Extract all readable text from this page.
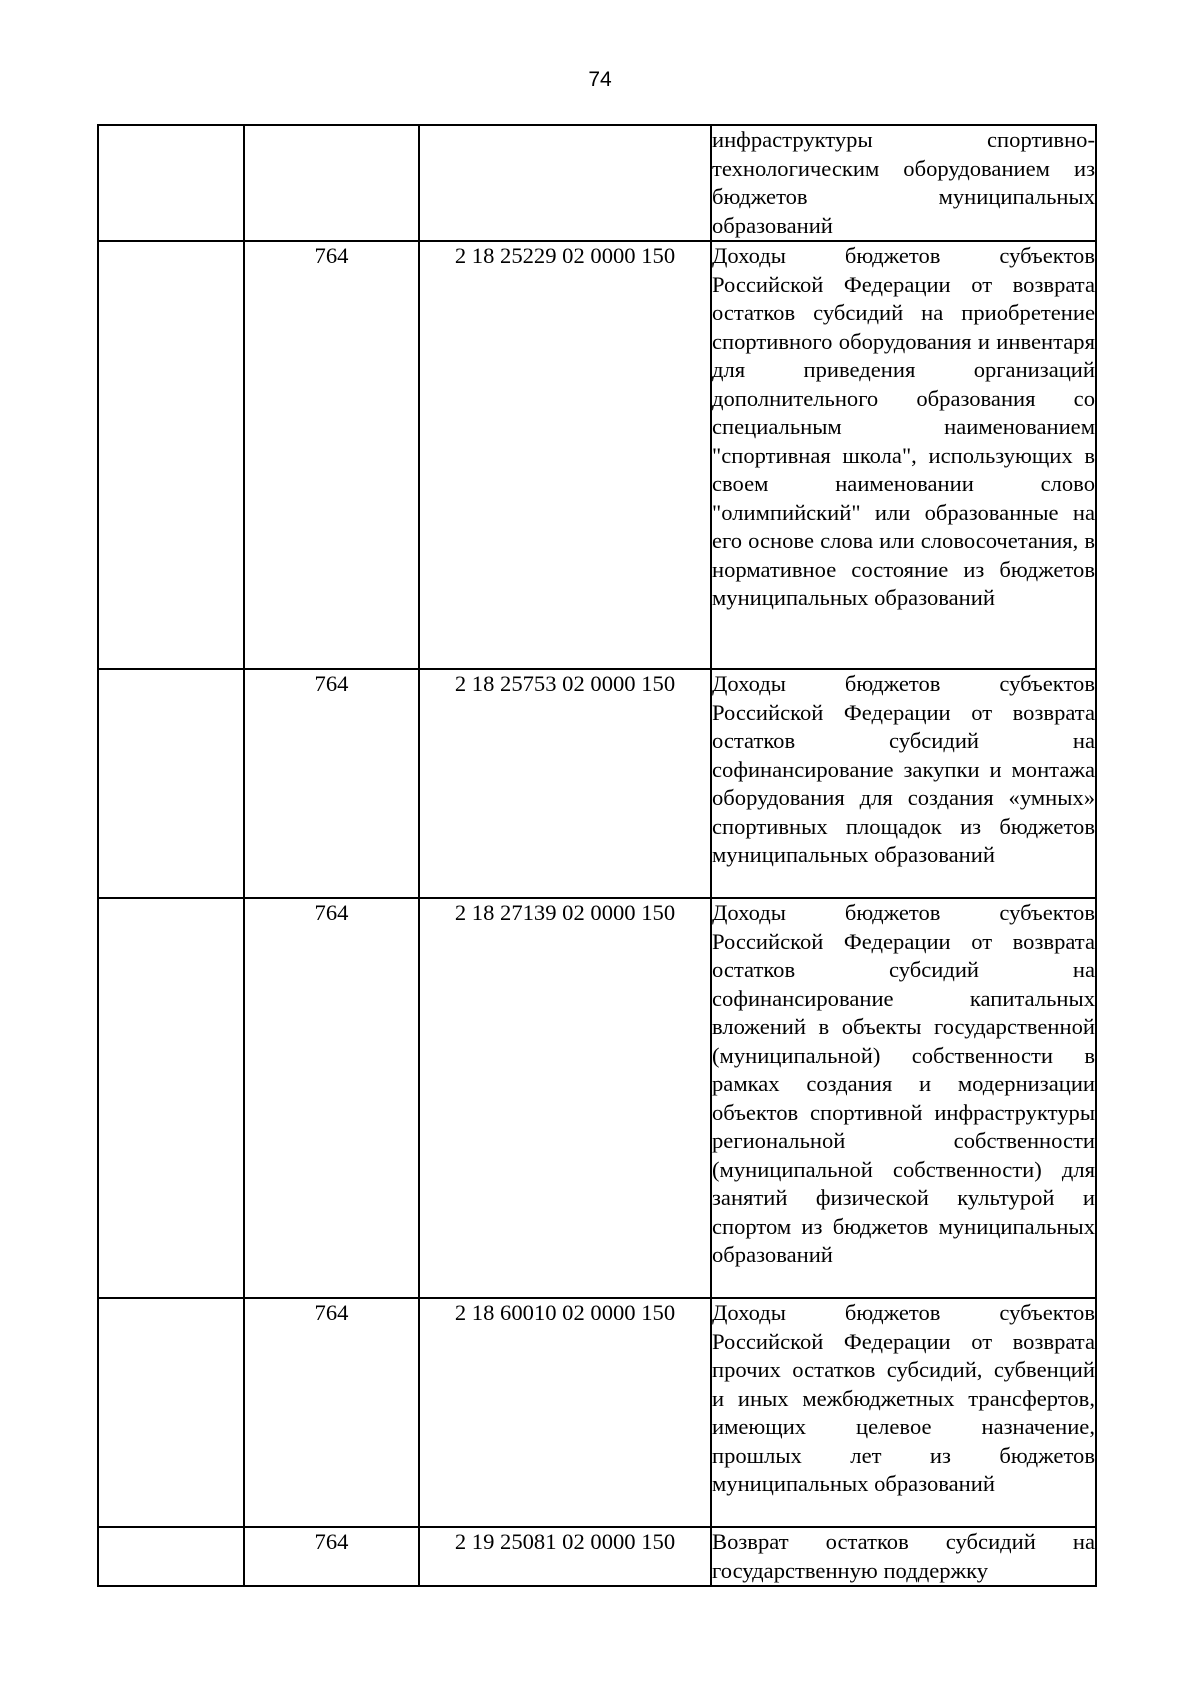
74
			инфраструктуры спортивно-технологическим оборудованием из бюджетов муниципальных образований
	764	2 18 25229 02 0000 150	Доходы бюджетов субъектов Российской Федерации от возврата остатков субсидий на приобретение спортивного оборудования и инвентаря для приведения организаций дополнительного образования со специальным наименованием "спортивная школа", использующих в своем наименовании слово "олимпийский" или образованные на его основе слова или словосочетания, в нормативное состояние из бюджетов муниципальных образований
	764	2 18 25753 02 0000 150	Доходы бюджетов субъектов Российской Федерации от возврата остатков субсидий на софинансирование закупки и монтажа оборудования для создания «умных» спортивных площадок из бюджетов муниципальных образований
	764	2 18 27139 02 0000 150	Доходы бюджетов субъектов Российской Федерации от возврата остатков субсидий на софинансирование капитальных вложений в объекты государственной (муниципальной) собственности в рамках создания и модернизации объектов спортивной инфраструктуры региональной собственности (муниципальной собственности) для занятий физической культурой и спортом из бюджетов муниципальных образований
	764	2 18 60010 02 0000 150	Доходы бюджетов субъектов Российской Федерации от возврата прочих остатков субсидий, субвенций и иных межбюджетных трансфертов, имеющих целевое назначение, прошлых лет из бюджетов муниципальных образований
	764	2 19 25081 02 0000 150	Возврат остатков субсидий на государственную поддержку
